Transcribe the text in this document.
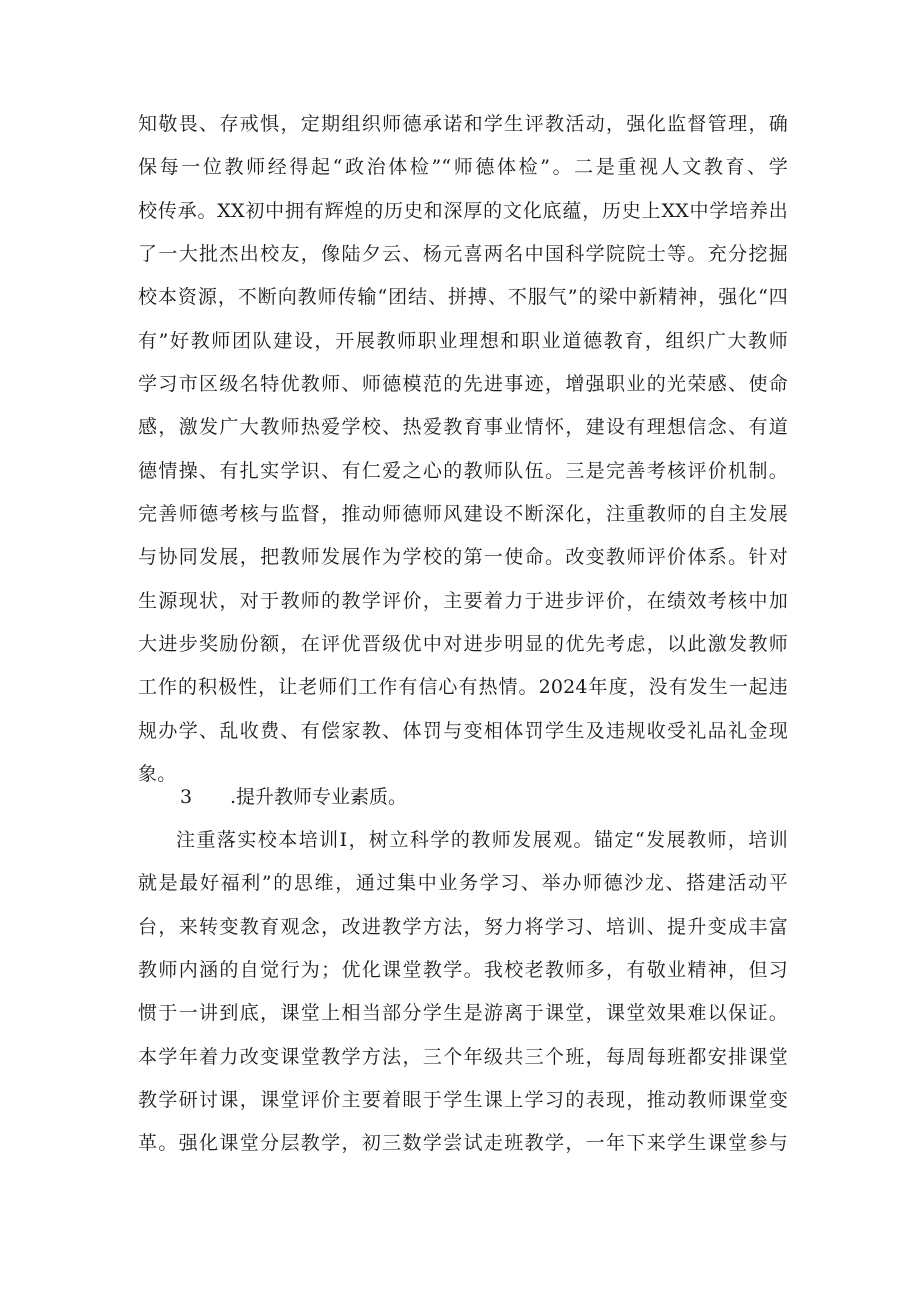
知敬畏、存戒惧，定期组织师德承诺和学生评教活动，强化监督管理，确
保每一位教师经得起“政治体检”“师德体检”。二是重视人文教育、学
校传承。XX初中拥有辉煌的历史和深厚的文化底蕴，历史上XX中学培养出
了一大批杰出校友，像陆夕云、杨元喜两名中国科学院院士等。充分挖掘
校本资源，不断向教师传输“团结、拼搏、不服气”的梁中新精神，强化“四
有”好教师团队建设，开展教师职业理想和职业道德教育，组织广大教师
学习市区级名特优教师、师德模范的先进事迹，增强职业的光荣感、使命
感，激发广大教师热爱学校、热爱教育事业情怀，建设有理想信念、有道
德情操、有扎实学识、有仁爱之心的教师队伍。三是完善考核评价机制。
完善师德考核与监督，推动师德师风建设不断深化，注重教师的自主发展
与协同发展，把教师发展作为学校的第一使命。改变教师评价体系。针对
生源现状，对于教师的教学评价，主要着力于进步评价，在绩效考核中加
大进步奖励份额，在评优晋级优中对进步明显的优先考虑，以此激发教师
工作的积极性，让老师们工作有信心有热情。2024年度，没有发生一起违
规办学、乱收费、有偿家教、体罚与变相体罚学生及违规收受礼品礼金现
象。
3 .提升教师专业素质。
注重落实校本培训I，树立科学的教师发展观。锚定“发展教师，培训
就是最好福利”的思维，通过集中业务学习、举办师德沙龙、搭建活动平
台，来转变教育观念，改进教学方法，努力将学习、培训、提升变成丰富
教师内涵的自觉行为；优化课堂教学。我校老教师多，有敬业精神，但习
惯于一讲到底，课堂上相当部分学生是游离于课堂，课堂效果难以保证。
本学年着力改变课堂教学方法，三个年级共三个班，每周每班都安排课堂
教学研讨课，课堂评价主要着眼于学生课上学习的表现，推动教师课堂变
革。强化课堂分层教学，初三数学尝试走班教学，一年下来学生课堂参与
